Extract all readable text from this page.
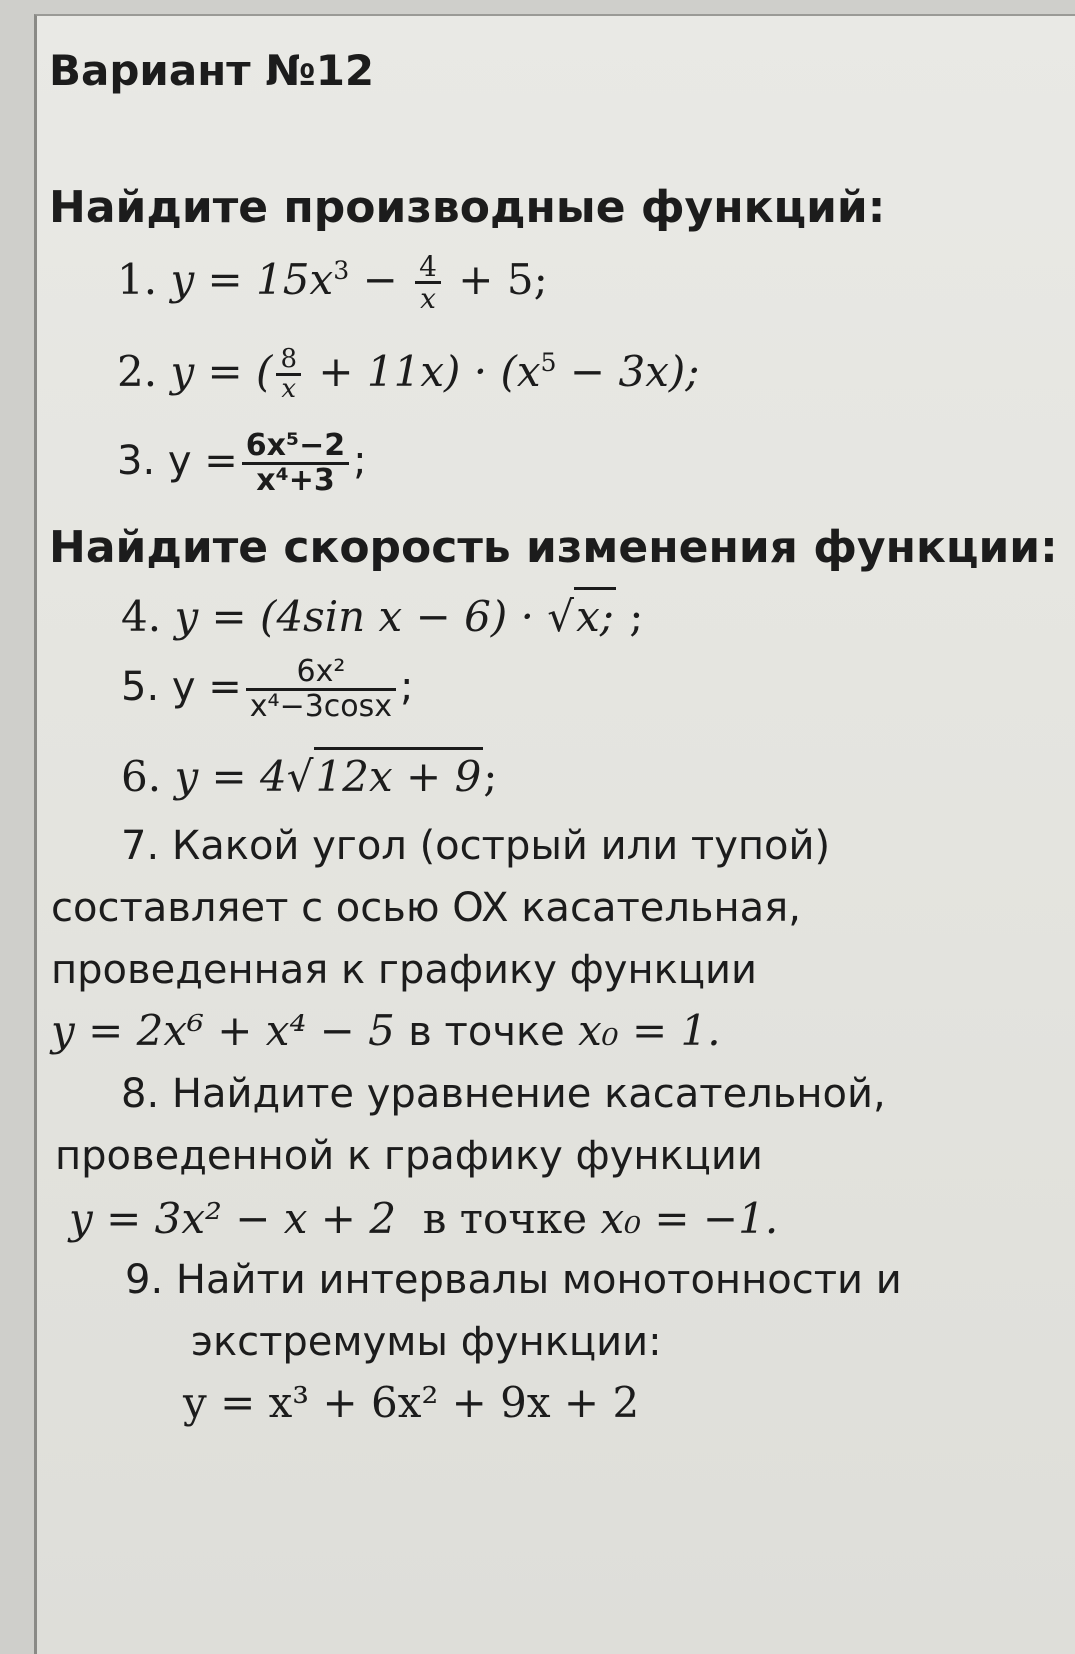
Вариант №12
Найдите производные функций:
1. $y = 15x^3 - \frac{4}{x} + 5$;
2. y = ( $\frac{8}{x} + 11x) \cdot (x^5 - 3x)$;
3. $y = \frac{\text{6x⁵−2}}{\text{x⁴+3}}$ ;
Найдите скорость изменения функции:
4. y = (4sin x − 6) · √x; ;
5. $y = \frac{\text{6x²}}{\text{x⁴−3cosx}}$ ;
6. y = 4√12x + 9;
7. Какой угол (острый или тупой)
составляет с осью OX касательная,
проведенная к графику функции
y = 2x⁶ + x⁴ − 5 в точке x₀ = 1.
8. Найдите уравнение касательной,
проведенной к графику функции
y = 3x² − x + 2 в точке x₀ = −1.
9. Найти интервалы монотонности и
экстремумы функции:
y = x³ + 6x² + 9x + 2
